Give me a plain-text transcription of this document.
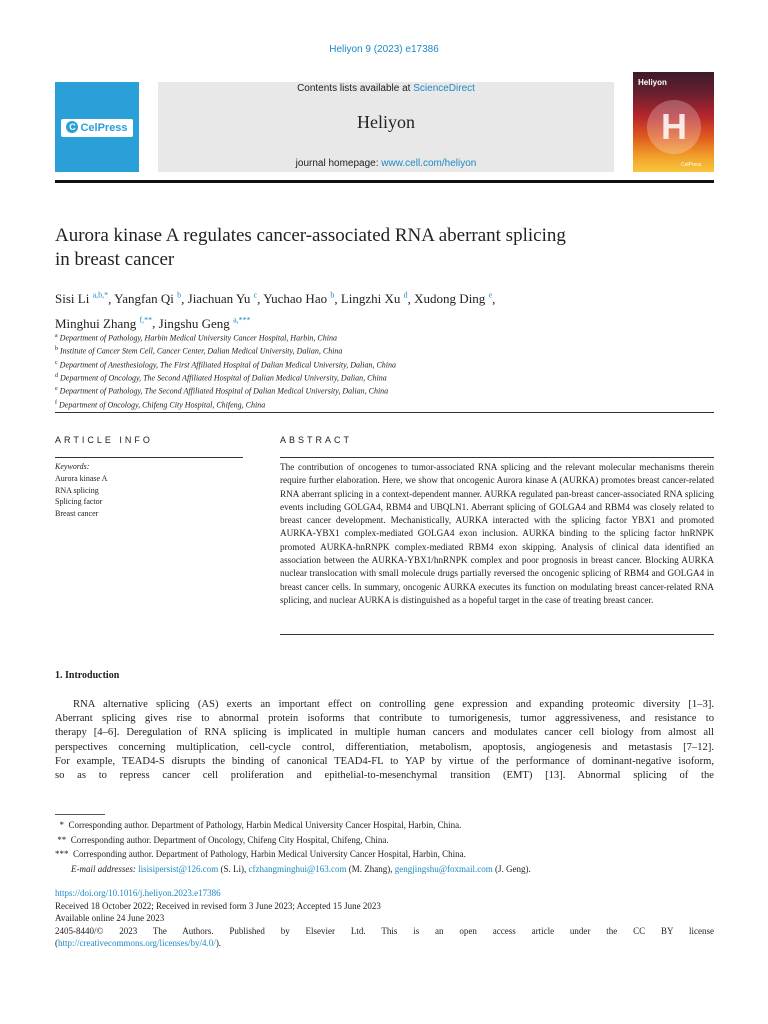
Heliyon 9 (2023) e17386
C CelPress
Contents lists available at ScienceDirect
Heliyon
journal homepage: www.cell.com/heliyon
Heliyon
H
CelPress
Aurora kinase A regulates cancer-associated RNA aberrant splicing
in breast cancer
Sisi Li $^{a,b,*}$, Yangfan Qi $^b$, Jiachuan Yu $^c$, Yuchao Hao $^b$, Lingzhi Xu $^d$, Xudong Ding $^e$,
Minghui Zhang $^{f,**}$, Jingshu Geng $^{a,***}$
$^a$ Department of Pathology, Harbin Medical University Cancer Hospital, Harbin, China
$^b$ Institute of Cancer Stem Cell, Cancer Center, Dalian Medical University, Dalian, China
$^c$ Department of Anesthesiology, The First Affiliated Hospital of Dalian Medical University, Dalian, China
$^d$ Department of Oncology, The Second Affiliated Hospital of Dalian Medical University, Dalian, China
$^e$ Department of Pathology, The Second Affiliated Hospital of Dalian Medical University, Dalian, China
$^f$ Department of Oncology, Chifeng City Hospital, Chifeng, China
ARTICLE INFO	ABSTRACT
Keywords:
Aurora kinase A
RNA splicing
Splicing factor
Breast cancer
The contribution of oncogenes to tumor-associated RNA splicing and the relevant molecular mechanisms therein require further elaboration. Here, we show that oncogenic Aurora kinase A (AURKA) promotes breast cancer-related RNA aberrant splicing in a context-dependent manner. AURKA regulated pan-breast cancer-associated RNA splicing events including GOLGA4, RBM4 and UBQLN1. Aberrant splicing of GOLGA4 and RBM4 was closely related to breast cancer development. Mechanistically, AURKA interacted with the splicing factor YBX1 and promoted AURKA-YBX1 complex-mediated GOLGA4 exon inclusion. AURKA binding to the splicing factor hnRNPK promoted AURKA-hnRNPK complex-mediated RBM4 exon skipping. Analysis of clinical data identified an association between the AURKA-YBX1/hnRNPK complex and poor prognosis in breast cancer. Blocking AURKA nuclear translocation with small molecule drugs partially reversed the oncogenic splicing of RBM4 and GOLGA4 in breast cancer cells. In summary, oncogenic AURKA executes its function on modulating breast cancer-related RNA splicing, and nuclear AURKA is distinguished as a hopeful target in the case of treating breast cancer.
1. Introduction

RNA alternative splicing (AS) exerts an important effect on controlling gene expression and expanding proteomic diversity [1–3].

Aberrant splicing gives rise to abnormal protein isoforms that contribute to tumorigenesis, tumor aggressiveness, and resistance to

therapy [4–6]. Deregulation of RNA splicing is implicated in multiple human cancers and modulates cancer cell biology from almost all

perspectives concerning multiplication, cell-cycle control, differentiation, metabolism, apoptosis, angiogenesis and metastasis [7–12].

For example, TEAD4-S disrupts the binding of canonical TEAD4-FL to YAP by virtue of the performance of dominant-negative isoform,

so as to repress cancer cell proliferation and epithelial-to-mesenchymal transition (EMT) [13]. Abnormal splicing of the

*  Corresponding author. Department of Pathology, Harbin Medical University Cancer Hospital, Harbin, China.
**  Corresponding author. Department of Oncology, Chifeng City Hospital, Chifeng, China.
***  Corresponding author. Department of Pathology, Harbin Medical University Cancer Hospital, Harbin, China.
E-mail addresses: lisisipersist@126.com (S. Li), cfzhangminghui@163.com (M. Zhang), gengjingshu@foxmail.com (J. Geng).
https://doi.org/10.1016/j.heliyon.2023.e17386
Received 18 October 2022; Received in revised form 3 June 2023; Accepted 15 June 2023
Available online 24 June 2023
2405-8440/© 2023 The Authors. Published by Elsevier Ltd. This is an open access article under the CC BY license
(http://creativecommons.org/licenses/by/4.0/).
